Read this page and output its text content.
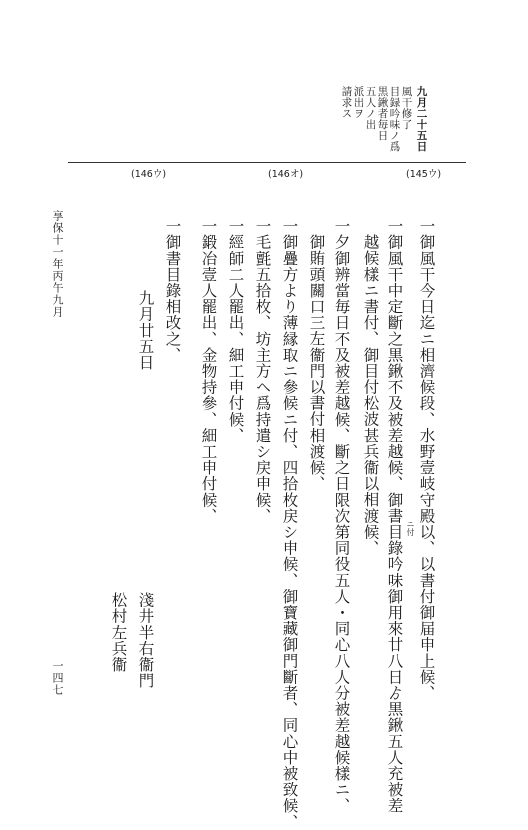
九月二十五日
風干修了
目録吟味ノ爲
黒鍬者毎日
五人ノ出
派出ヲ
請求ス
(146ウ)	(146オ)	(145ウ)
一御風干今日迄ニ相濟候段、水野壹岐守殿以、以書付御届申上候、
一御風干中定斷之黒鍬不及被差越候、御書目錄吟味御用來廿八日ゟ黒鍬五人充被差
越候樣ニ書付、御目付松波甚兵衞以相渡候、
一夕御辨當毎日不及被差越候、斷之日限次第同役五人・同心八人分被差越候樣ニ、
御賄頭關口三左衞門以書付相渡候、
一御疊方より薄縁取ニ參候ニ付、四拾枚戻シ申候、御寶藏御門斷者、同心中被致候、
一毛氈五拾枚、坊主方ヘ爲持遣シ戻申候、
一經師二人罷出、細工申付候、
一鍛冶壹人罷出、金物持參、細工申付候、
一御書目錄相改之、
ニ付
九月廿五日
淺井半右衞門
松村左兵衞
享保十一年丙午九月
一四七
